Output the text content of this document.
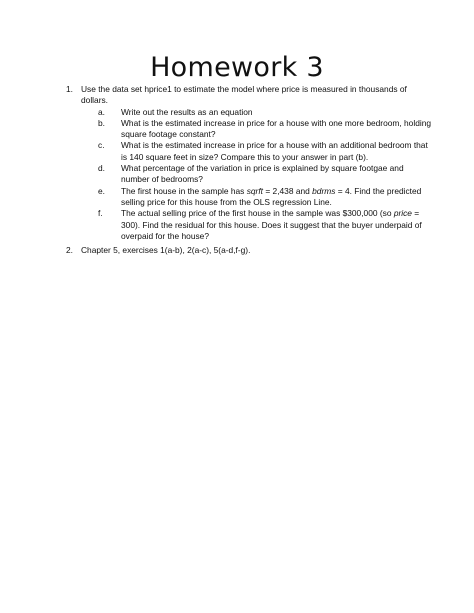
Homework 3
1. Use the data set hprice1 to estimate the model where price is measured in thousands of dollars.
a. Write out the results as an equation
b. What is the estimated increase in price for a house with one more bedroom, holding square footage constant?
c. What is the estimated increase in price for a house with an additional bedroom that is 140 square feet in size? Compare this to your answer in part (b).
d. What percentage of the variation in price is explained by square footgae and number of bedrooms?
e. The first house in the sample has sqrft = 2,438 and bdrms = 4. Find the predicted selling price for this house from the OLS regression Line.
f. The actual selling price of the first house in the sample was $300,000 (so price = 300). Find the residual for this house. Does it suggest that the buyer underpaid of overpaid for the house?
2. Chapter 5, exercises 1(a-b), 2(a-c), 5(a-d,f-g).
